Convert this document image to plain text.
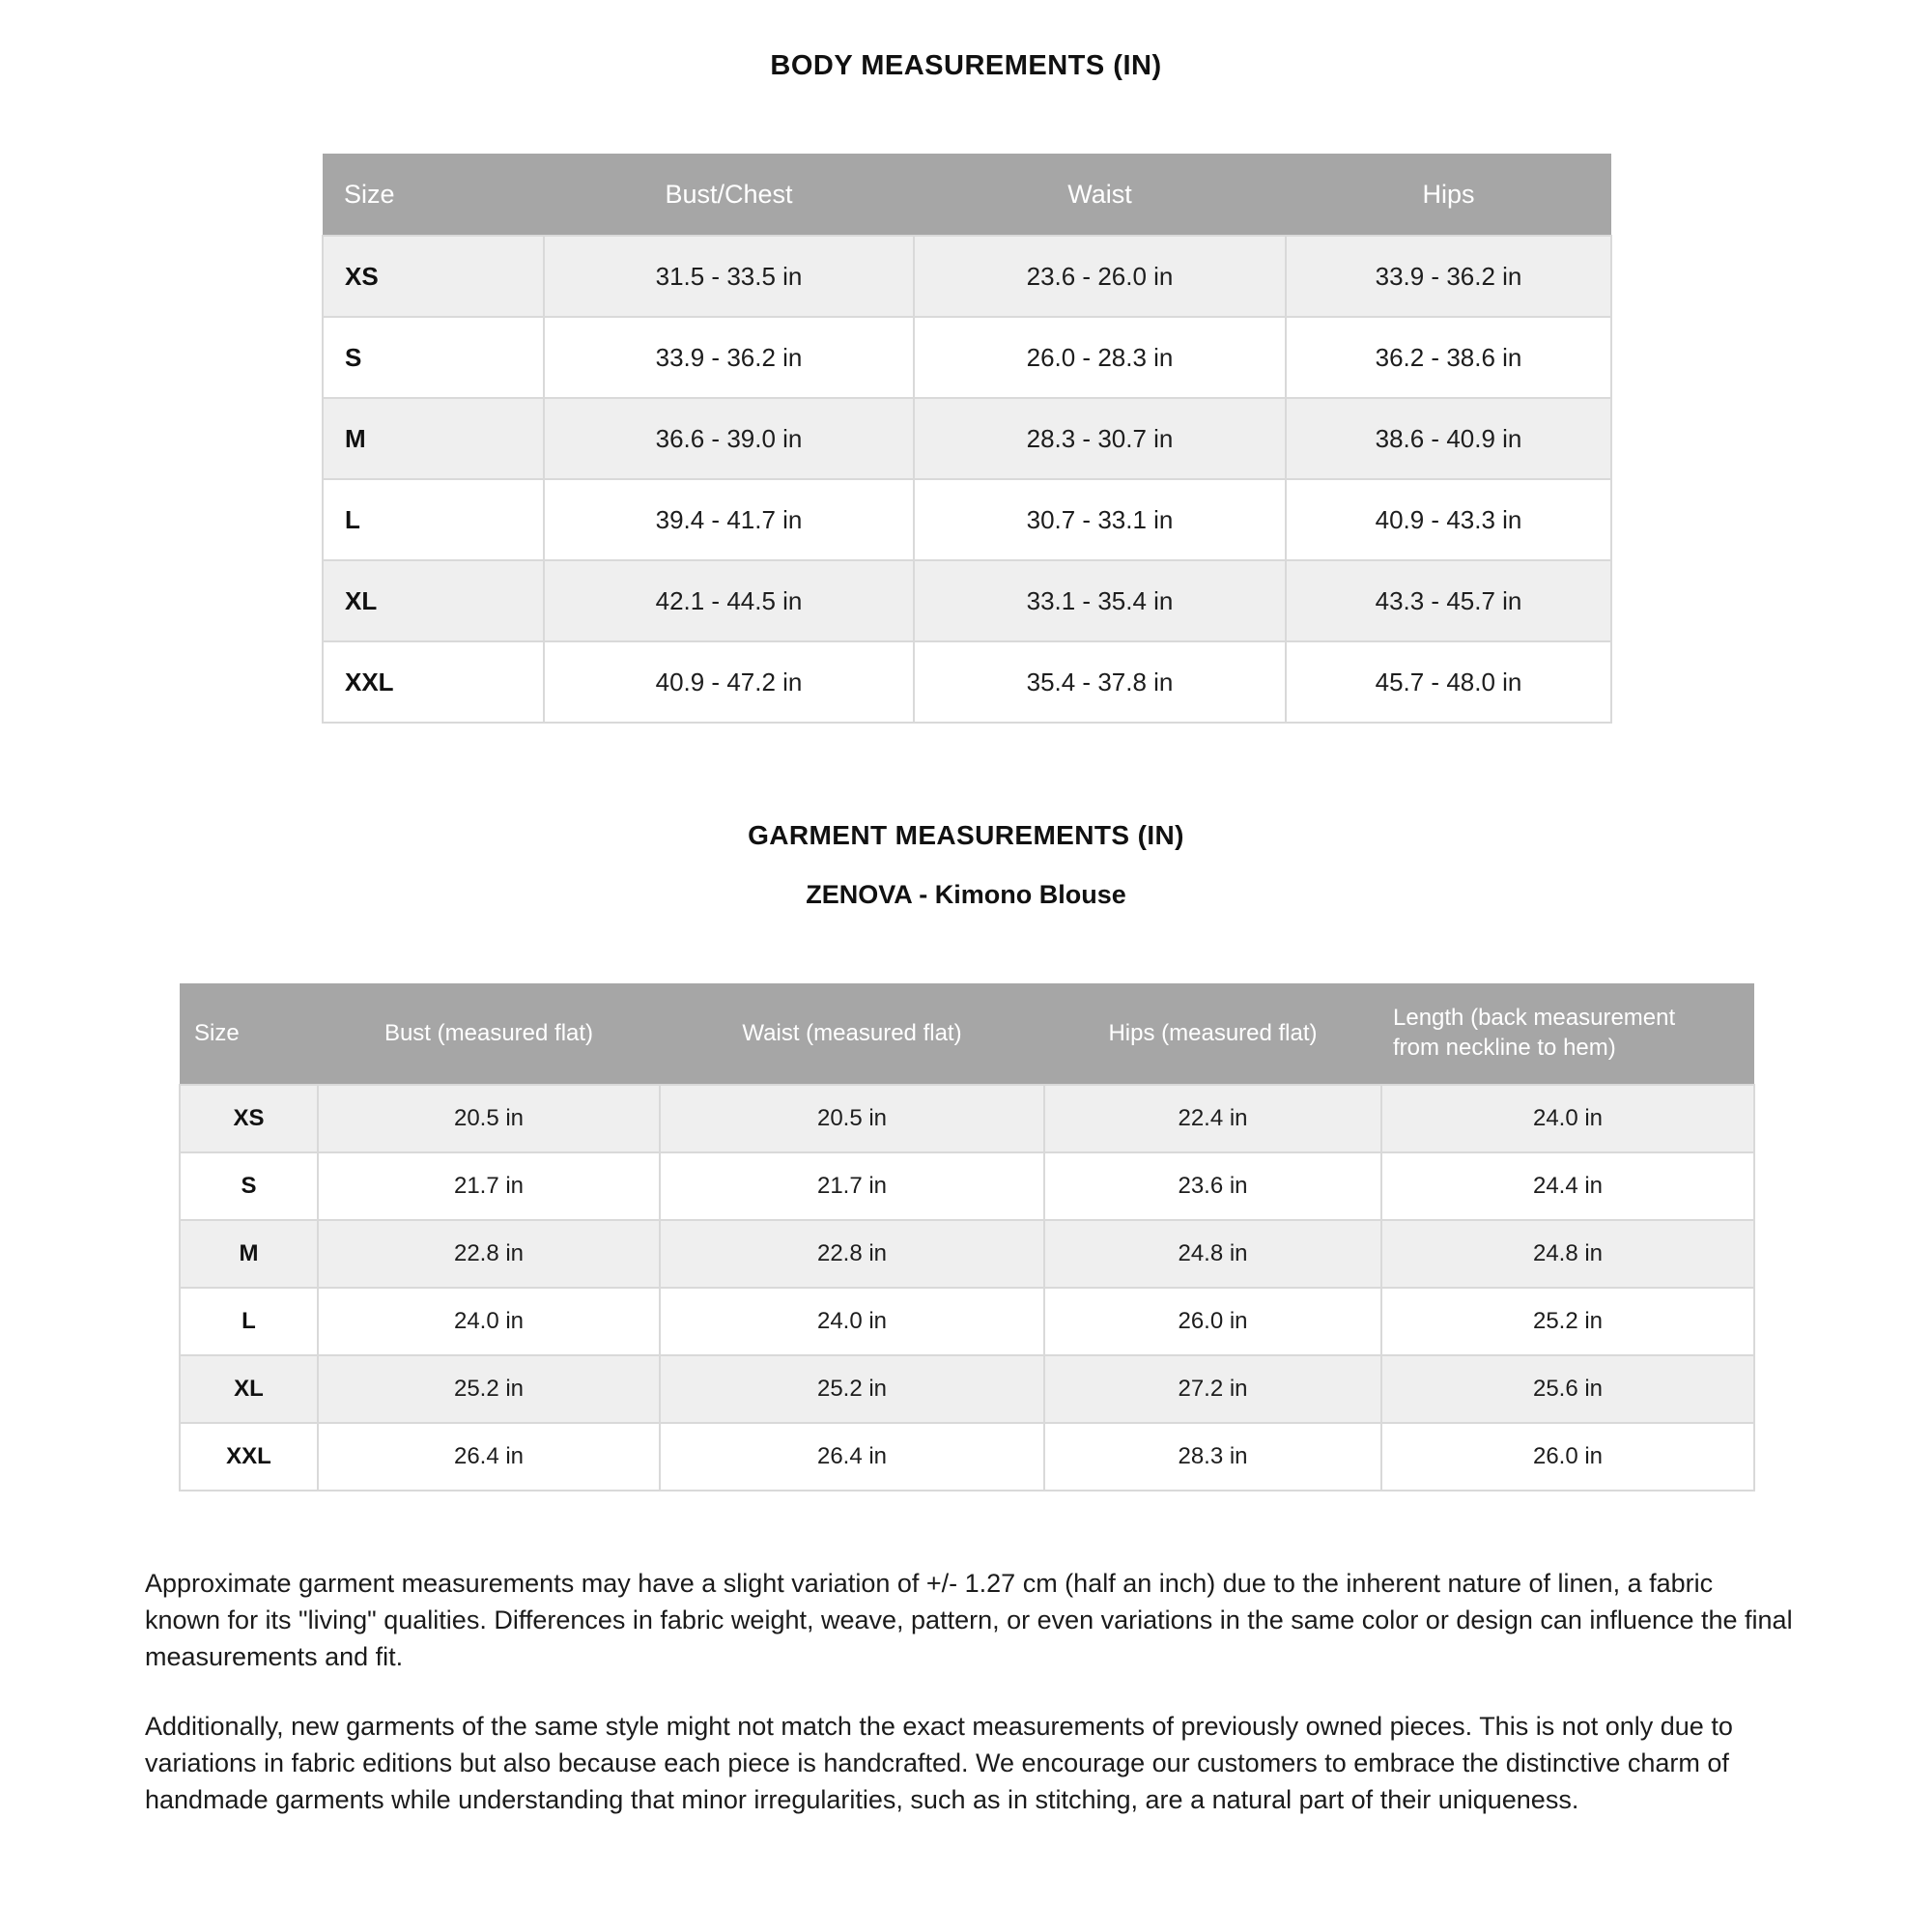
BODY MEASUREMENTS (IN)
Size	Bust/Chest	Waist	Hips
XS	31.5 - 33.5 in	23.6 - 26.0 in	33.9 - 36.2 in
S	33.9 - 36.2 in	26.0 - 28.3 in	36.2 - 38.6 in
M	36.6 - 39.0 in	28.3 - 30.7 in	38.6 - 40.9 in
L	39.4 - 41.7 in	30.7 - 33.1 in	40.9 - 43.3 in
XL	42.1 - 44.5 in	33.1 - 35.4 in	43.3 - 45.7 in
XXL	40.9 - 47.2 in	35.4 - 37.8 in	45.7 - 48.0 in
GARMENT MEASUREMENTS (IN)
ZENOVA - Kimono Blouse
Size	Bust (measured flat)	Waist (measured flat)	Hips (measured flat)	Length (back measurement from neckline to hem)
XS	20.5 in	20.5 in	22.4 in	24.0 in
S	21.7 in	21.7 in	23.6 in	24.4 in
M	22.8 in	22.8 in	24.8 in	24.8 in
L	24.0 in	24.0 in	26.0 in	25.2 in
XL	25.2 in	25.2 in	27.2 in	25.6 in
XXL	26.4 in	26.4 in	28.3 in	26.0 in

Approximate garment measurements may have a slight variation of +/- 1.27 cm (half an inch) due to the inherent nature of linen, a fabric known for its "living" qualities. Differences in fabric weight, weave, pattern, or even variations in the same color or design can influence the final measurements and fit.

Additionally, new garments of the same style might not match the exact measurements of previously owned pieces. This is not only due to variations in fabric editions but also because each piece is handcrafted. We encourage our customers to embrace the distinctive charm of handmade garments while understanding that minor irregularities, such as in stitching, are a natural part of their uniqueness.
